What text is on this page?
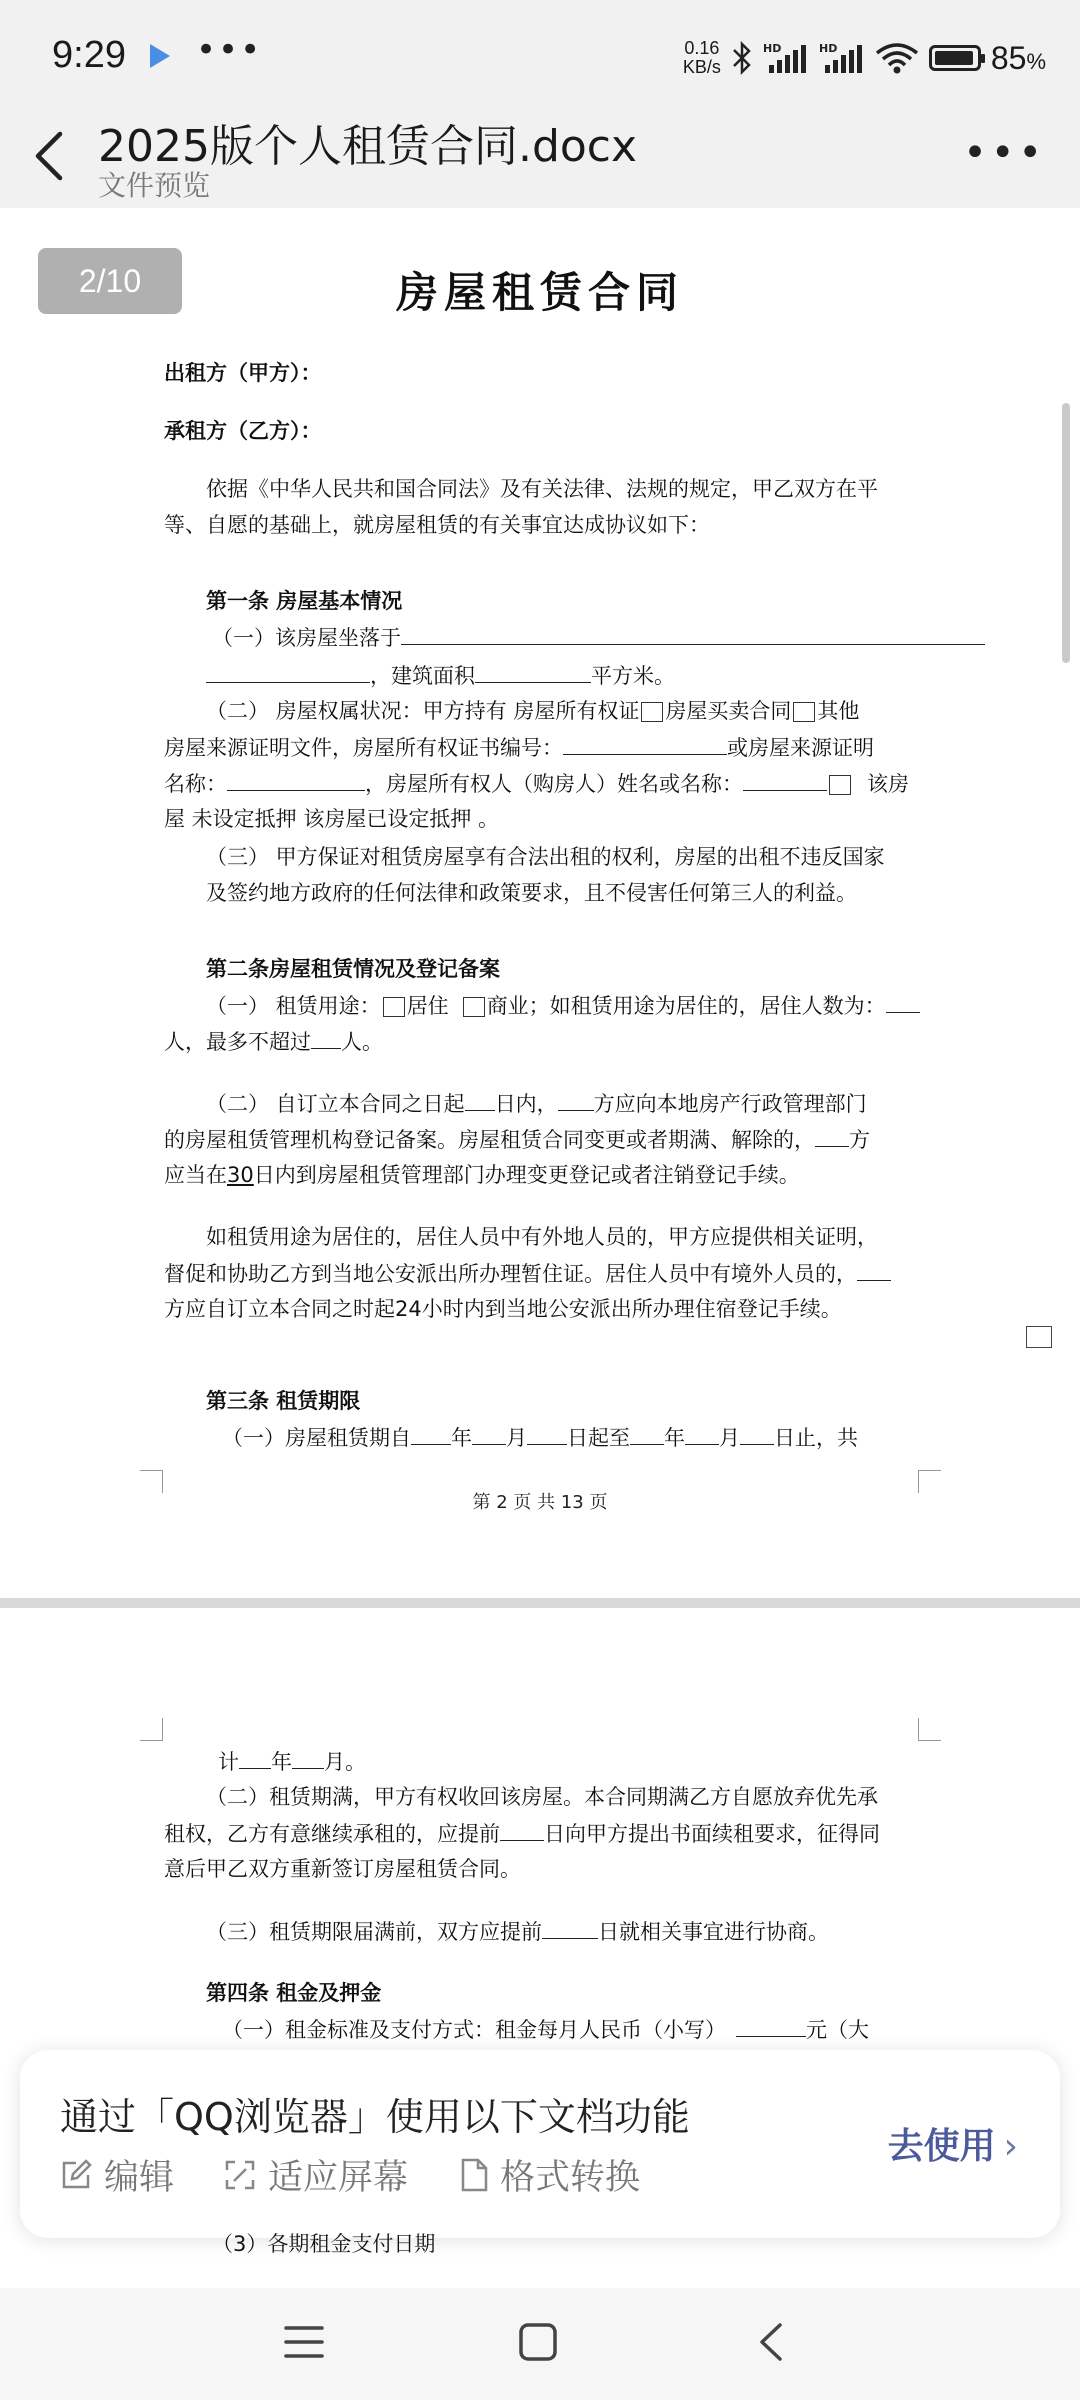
9:29 •••	0.16
KB/s
HD	HD	85%
2025版个人租赁合同.docx
文件预览
•••
2/10	房屋租赁合同
出租方（甲方）：
承租方（乙方）：
依据《中华人民共和国合同法》及有关法律、法规的规定，甲乙双方在平
等、自愿的基础上，就房屋租赁的有关事宜达成协议如下：
第一条 房屋基本情况
（一）该房屋坐落于
，建筑面积	平方米。
（二） 房屋权属状况：甲方持有 房屋所有权证 房屋买卖合同 其他
房屋来源证明文件，房屋所有权证书编号：	或房屋来源证明
名称：	，房屋所有权人（购房人）姓名或名称：	该房
屋 未设定抵押 该房屋已设定抵押 。
（三） 甲方保证对租赁房屋享有合法出租的权利，房屋的出租不违反国家
及签约地方政府的任何法律和政策要求，且不侵害任何第三人的利益。
第二条房屋租赁情况及登记备案
（一） 租赁用途： 居住 商业；如租赁用途为居住的，居住人数为：
人，最多不超过 人。
（二） 自订立本合同之日起 日内， 方应向本地房产行政管理部门
的房屋租赁管理机构登记备案。房屋租赁合同变更或者期满、解除的， 方
应当在30日内到房屋租赁管理部门办理变更登记或者注销登记手续。
如租赁用途为居住的，居住人员中有外地人员的，甲方应提供相关证明，
督促和协助乙方到当地公安派出所办理暂住证。居住人员中有境外人员的，
方应自订立本合同之时起24小时内到当地公安派出所办理住宿登记手续。
第三条 租赁期限
（一）房屋租赁期自 年 月 日起至 年 月 日止，共
第 2 页 共 13 页
计 年 月。
（二）租赁期满，甲方有权收回该房屋。本合同期满乙方自愿放弃优先承
租权，乙方有意继续承租的，应提前 日向甲方提出书面续租要求，征得同
意后甲乙双方重新签订房屋租赁合同。
（三）租赁期限届满前，双方应提前	日就相关事宜进行协商。
第四条 租金及押金
（一）租金标准及支付方式：租金每月人民币（小写）	元（大
通过「QQ浏览器」使用以下文档功能
编辑	适应屏幕	格式转换
去使用 ›
（3）各期租金支付日期
